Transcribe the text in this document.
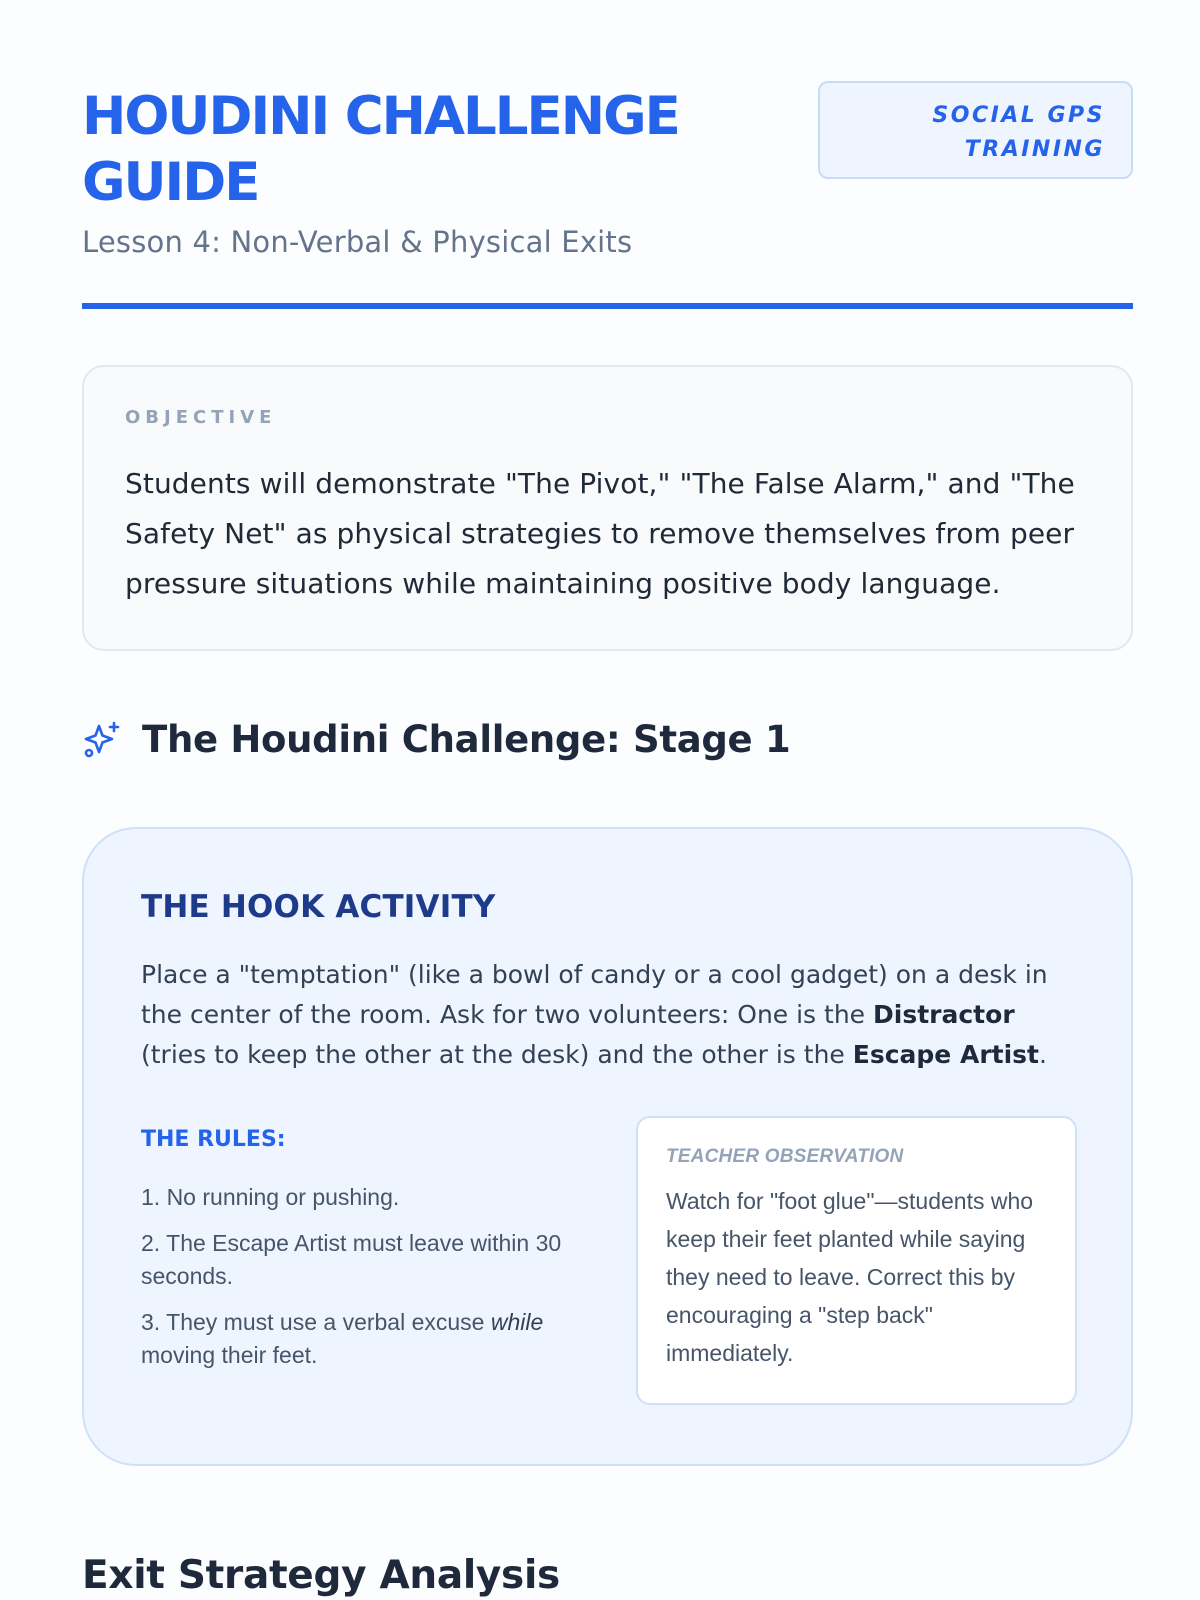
HOUDINI CHALLENGE GUIDE
Lesson 4: Non-Verbal & Physical Exits
SOCIAL GPS
TRAINING
OBJECTIVE

Students will demonstrate "The Pivot," "The False Alarm," and "The Safety Net" as physical strategies to remove themselves from peer pressure situations while maintaining positive body language.

The Houdini Challenge: Stage 1
THE HOOK ACTIVITY

Place a "temptation" (like a bowl of candy or a cool gadget) on a desk in the center of the room. Ask for two volunteers: One is the Distractor (tries to keep the other at the desk) and the other is the Escape Artist.

THE RULES:
1. No running or pushing.
2. The Escape Artist must leave within 30 seconds.
3. They must use a verbal excuse while moving their feet.
TEACHER OBSERVATION

Watch for "foot glue"—students who keep their feet planted while saying they need to leave. Correct this by encouraging a "step back" immediately.

Exit Strategy Analysis
